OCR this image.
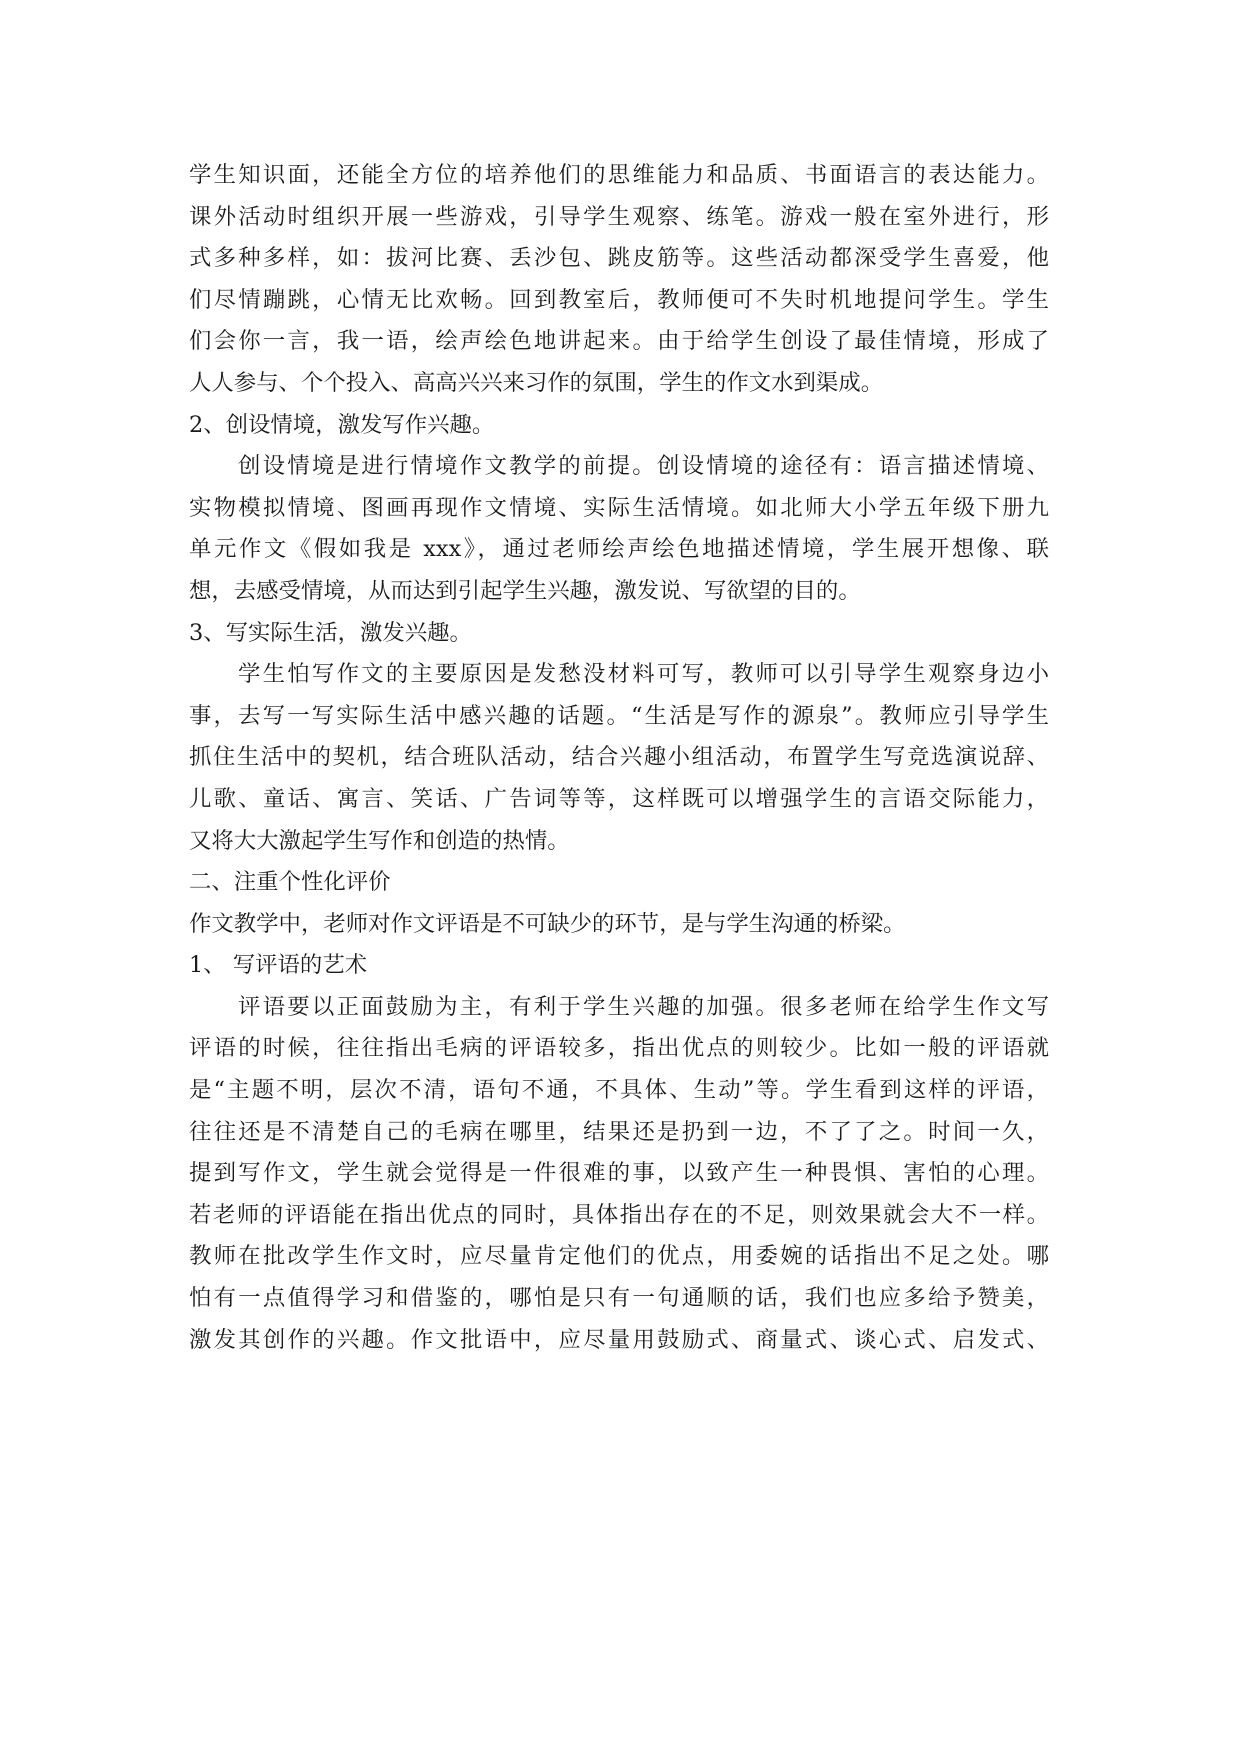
学生知识面，还能全方位的培养他们的思维能力和品质、书面语言的表达能力。
课外活动时组织开展一些游戏，引导学生观察、练笔。游戏一般在室外进行，形
式多种多样，如：拔河比赛、丢沙包、跳皮筋等。这些活动都深受学生喜爱，他
们尽情蹦跳，心情无比欢畅。回到教室后，教师便可不失时机地提问学生。学生
们会你一言，我一语，绘声绘色地讲起来。由于给学生创设了最佳情境，形成了
人人参与、个个投入、高高兴兴来习作的氛围，学生的作文水到渠成。
2、创设情境，激发写作兴趣。
创设情境是进行情境作文教学的前提。创设情境的途径有：语言描述情境、
实物模拟情境、图画再现作文情境、实际生活情境。如北师大小学五年级下册九
单元作文《假如我是 xxx》，通过老师绘声绘色地描述情境，学生展开想像、联
想，去感受情境，从而达到引起学生兴趣，激发说、写欲望的目的。
3、写实际生活，激发兴趣。
学生怕写作文的主要原因是发愁没材料可写，教师可以引导学生观察身边小
事，去写一写实际生活中感兴趣的话题。“生活是写作的源泉”。教师应引导学生
抓住生活中的契机，结合班队活动，结合兴趣小组活动，布置学生写竞选演说辞、
儿歌、童话、寓言、笑话、广告词等等，这样既可以增强学生的言语交际能力，
又将大大激起学生写作和创造的热情。
二、注重个性化评价
作文教学中，老师对作文评语是不可缺少的环节，是与学生沟通的桥梁。
1、 写评语的艺术
评语要以正面鼓励为主，有利于学生兴趣的加强。很多老师在给学生作文写
评语的时候，往往指出毛病的评语较多，指出优点的则较少。比如一般的评语就
是“主题不明，层次不清，语句不通，不具体、生动”等。学生看到这样的评语，
往往还是不清楚自己的毛病在哪里，结果还是扔到一边，不了了之。时间一久，
提到写作文，学生就会觉得是一件很难的事，以致产生一种畏惧、害怕的心理。
若老师的评语能在指出优点的同时，具体指出存在的不足，则效果就会大不一样。
教师在批改学生作文时，应尽量肯定他们的优点，用委婉的话指出不足之处。哪
怕有一点值得学习和借鉴的，哪怕是只有一句通顺的话，我们也应多给予赞美，
激发其创作的兴趣。作文批语中，应尽量用鼓励式、商量式、谈心式、启发式、
